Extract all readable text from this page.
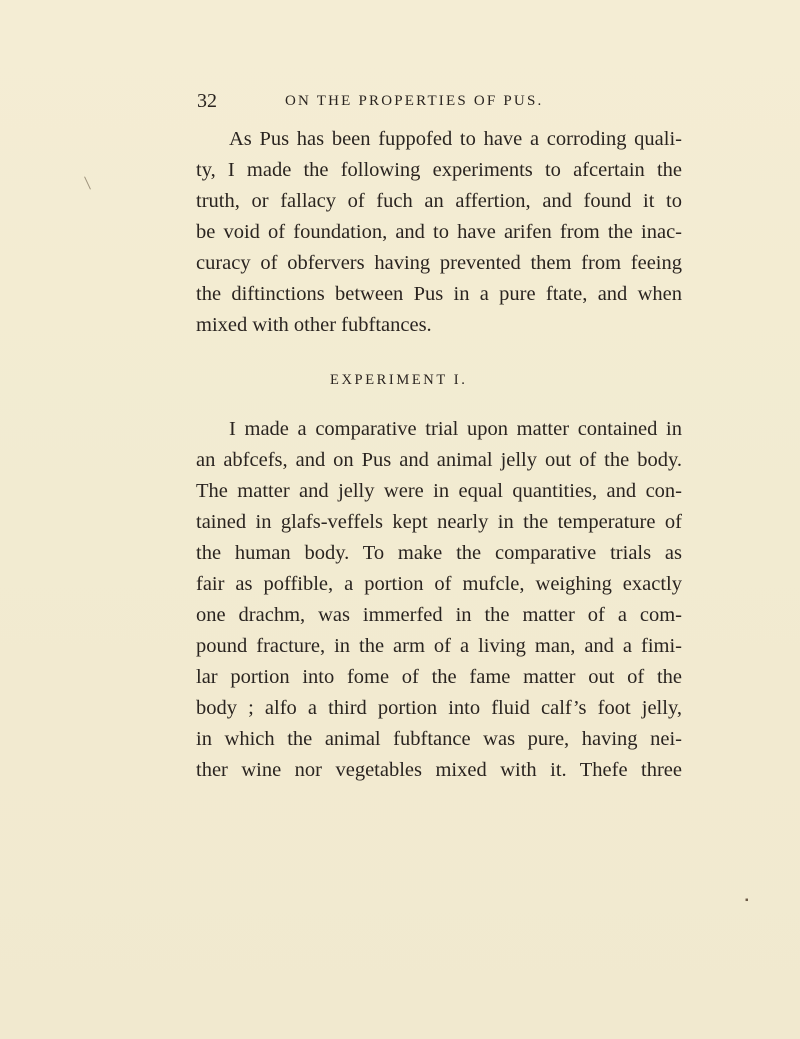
32	ON THE PROPERTIES OF PUS.
As Pus has been fuppofed to have a corroding quali-
ty, I made the following experiments to afcertain the
truth, or fallacy of fuch an affertion, and found it to
be void of foundation, and to have arifen from the inac-
curacy of obfervers having prevented them from feeing
the diftinctions between Pus in a pure ftate, and when
mixed with other fubftances.
EXPERIMENT I.
I made a comparative trial upon matter contained in
an abfcefs, and on Pus and animal jelly out of the body.
The matter and jelly were in equal quantities, and con-
tained in glafs-veffels kept nearly in the temperature of
the human body. To make the comparative trials as
fair as poffible, a portion of mufcle, weighing exactly
one drachm, was immerfed in the matter of a com-
pound fracture, in the arm of a living man, and a fimi-
lar portion into fome of the fame matter out of the
body ; alfo a third portion into fluid calf’s foot jelly,
in which the animal fubftance was pure, having nei-
ther wine nor vegetables mixed with it. Thefe three
▪
